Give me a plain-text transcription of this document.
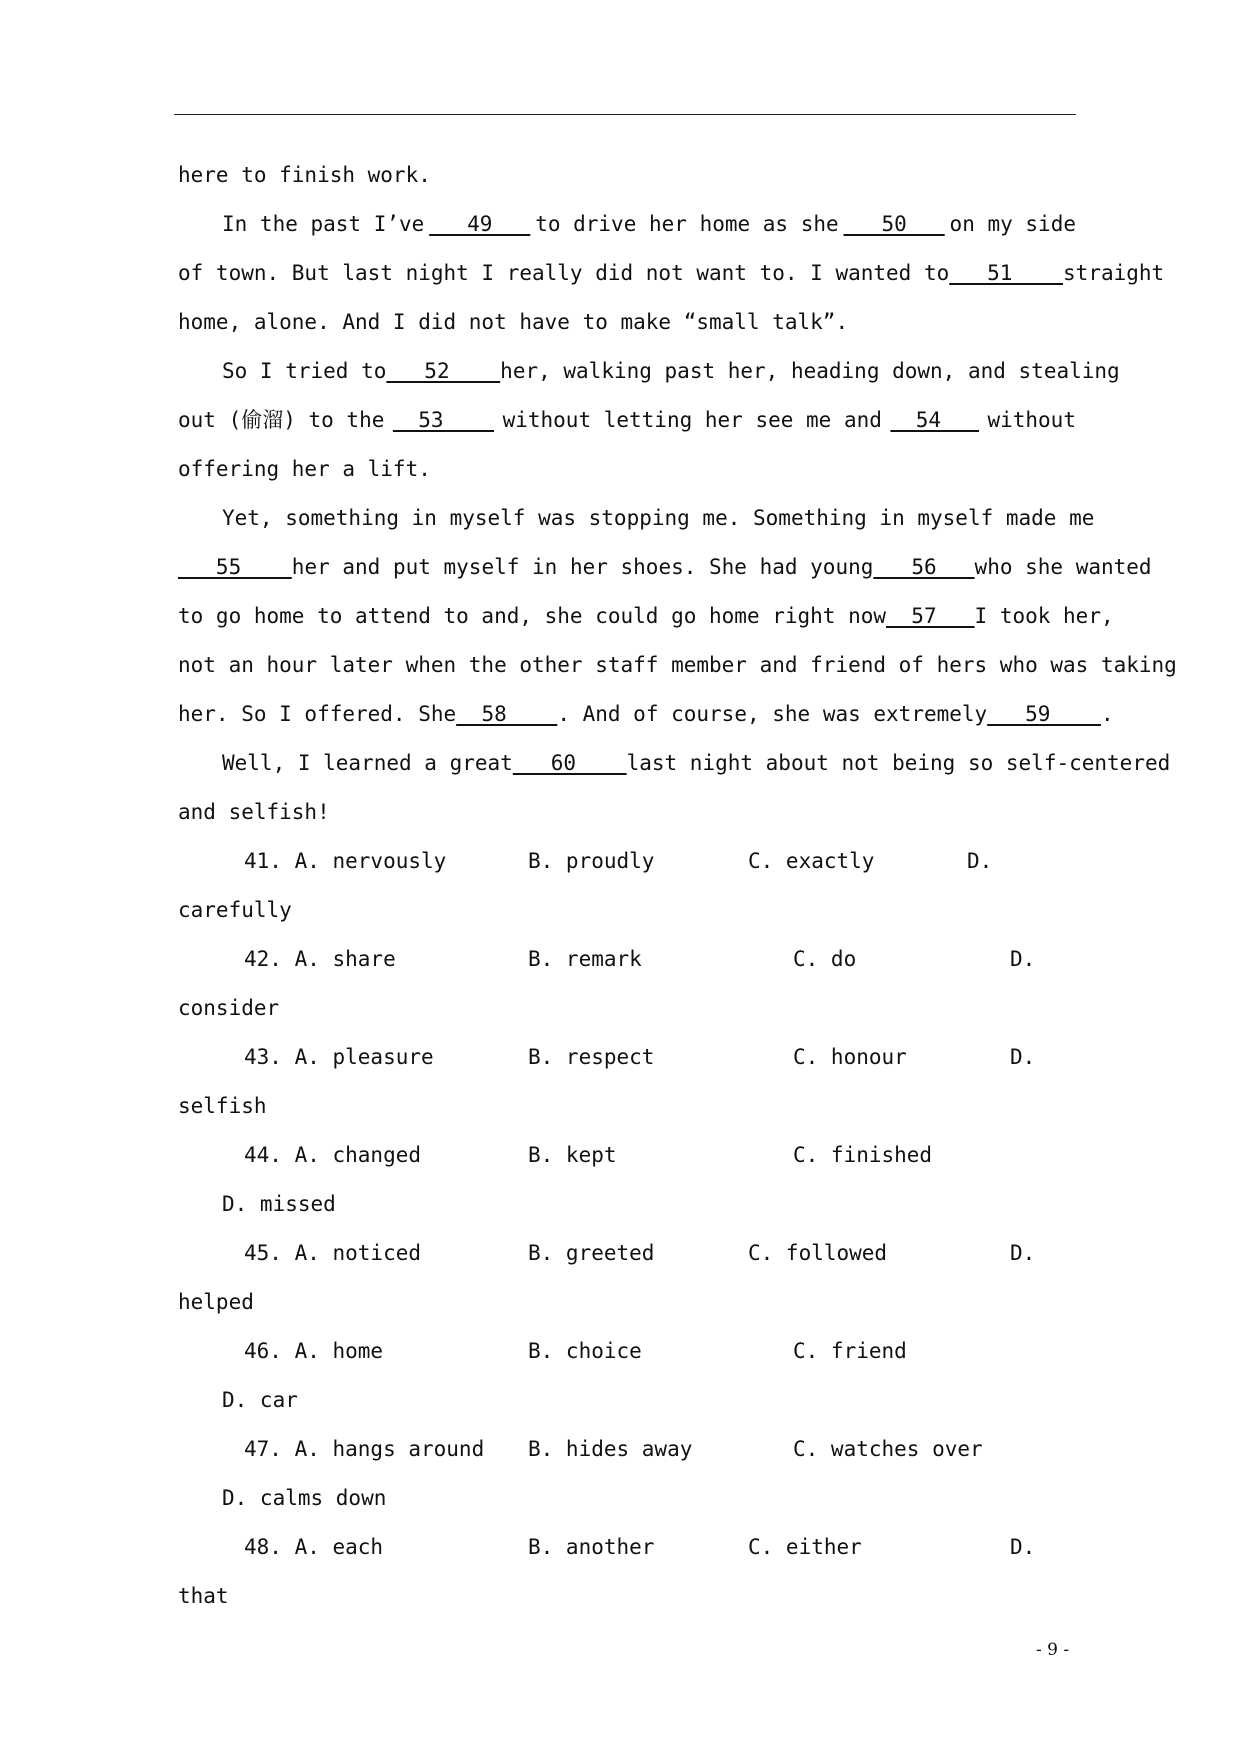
here to finish work.
In the past I’ve 49 to drive her home as she 50 on my side
of town. But last night I really did not want to. I wanted to 51 straight
home, alone. And I did not have to make “small talk”.
So I tried to 52 her, walking past her, heading down, and stealing
out (偷溜) to the 53 without letting her see me and 54 without
offering her a lift.
Yet, something in myself was stopping me. Something in myself made me
55 her and put myself in her shoes. She had young 56 who she wanted
to go home to attend to and, she could go home right now 57 I took her,
not an hour later when the other staff member and friend of hers who was taking
her. So I offered. She  58    . And of course, she was extremely 59    .
Well, I learned a great 60 last night about not being so self-centered
and selfish!
41. A. nervously	B. proudly	C. exactly	D.
carefully
42. A. share	B. remark	C. do	D.
consider
43. A. pleasure	B. respect	C. honour	D.
selfish
44. A. changed	B. kept	C. finished
D. missed
45. A. noticed	B. greeted	C. followed	D.
helped
46. A. home	B. choice	C. friend
D. car
47. A. hangs around B. hides away	C. watches over
D. calms down
48. A. each	B. another	C. either	D.
that
- 9 -
